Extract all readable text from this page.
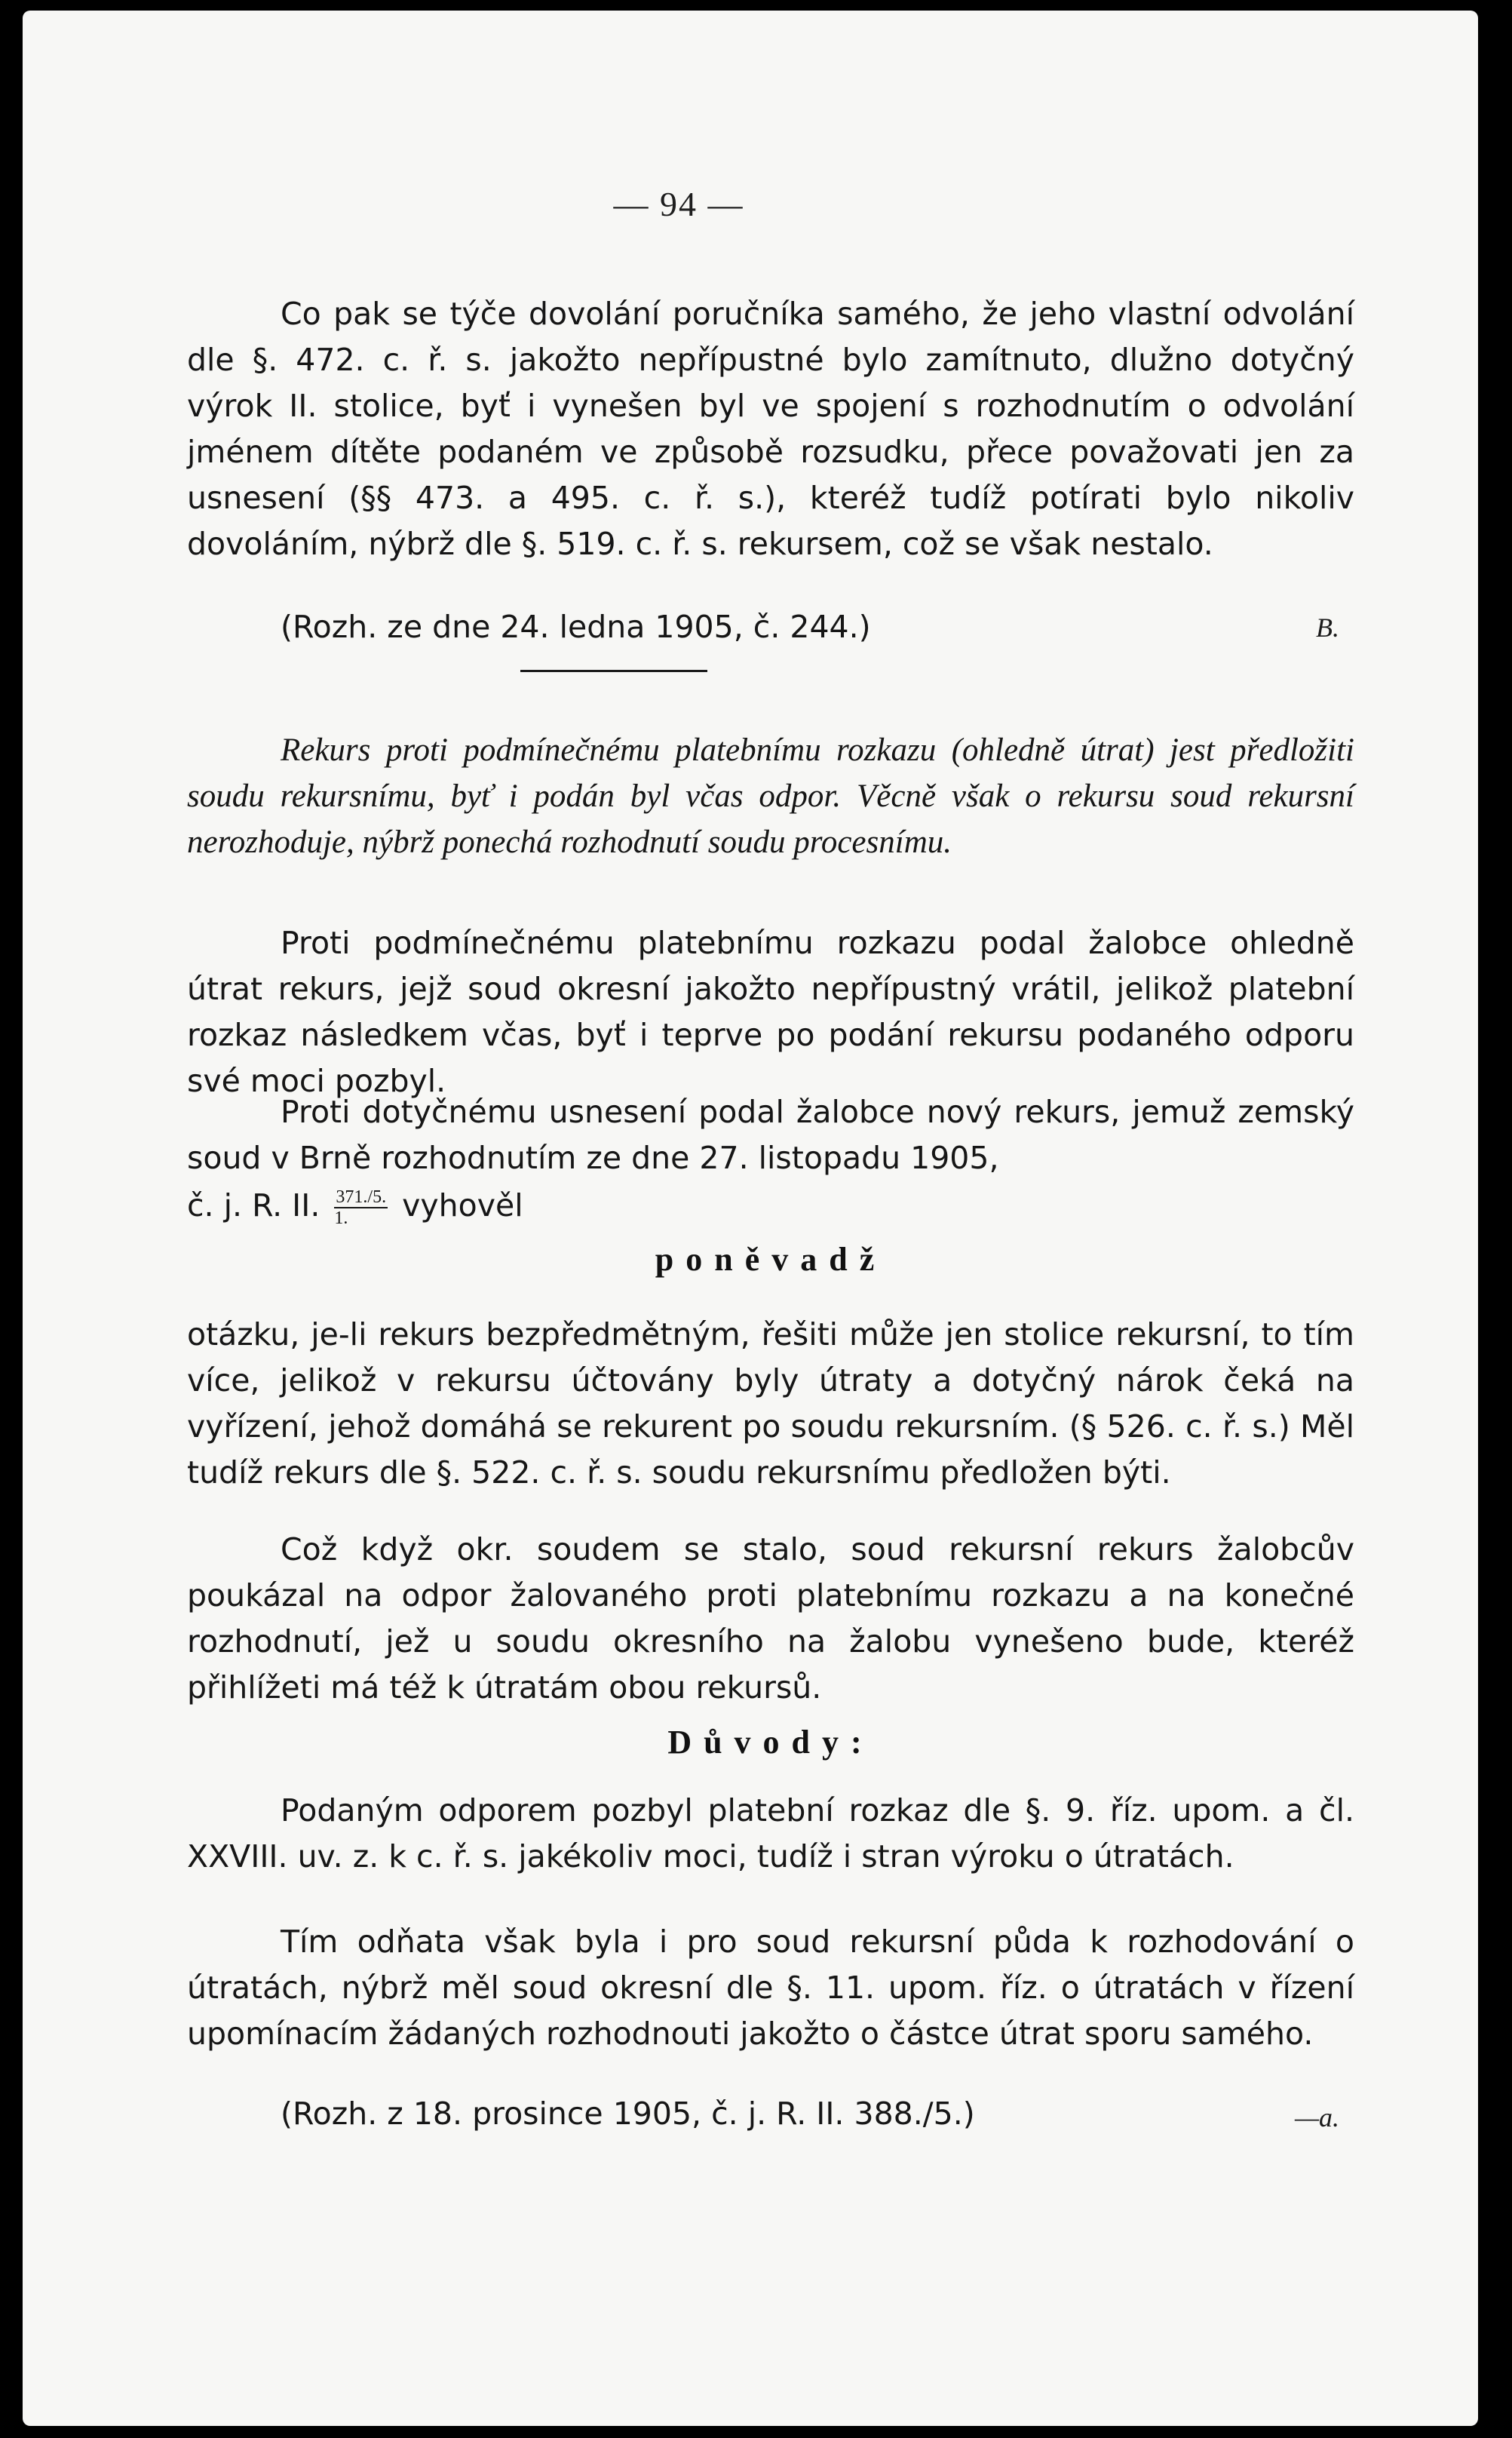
— 94 —

Co pak se týče dovolání poručníka samého, že jeho vlastní odvolání dle §. 472. c. ř. s. jakožto nepřípustné bylo zamítnuto, dlužno dotyčný výrok II. stolice, byť i vynešen byl ve spojení s rozhodnutím o odvolání jménem dítěte podaném ve způsobě rozsudku, přece považovati jen za usnesení (§§ 473. a 495. c. ř. s.), kteréž tudíž potírati bylo nikoliv dovoláním, nýbrž dle §. 519. c. ř. s. rekursem, což se však nestalo.

(Rozh. ze dne 24. ledna 1905, č. 244.)	B.

Rekurs proti podmínečnému platebnímu rozkazu (ohledně útrat) jest předložiti soudu rekursnímu, byť i podán byl včas odpor. Věcně však o rekursu soud rekursní nerozhoduje, nýbrž ponechá rozhodnutí soudu procesnímu.

Proti podmínečnému platebnímu rozkazu podal žalobce ohledně útrat rekurs, jejž soud okresní jakožto nepřípustný vrátil, jelikož platební rozkaz následkem včas, byť i teprve po podání rekursu podaného odporu své moci pozbyl.

Proti dotyčnému usnesení podal žalobce nový rekurs, jemuž zemský soud v Brně rozhodnutím ze dne 27. listopadu 1905,

č. j. R. II. $\frac{371./5.}{1.}$ vyhověl

poněvadž

otázku, je-li rekurs bezpředmětným, řešiti může jen stolice rekursní, to tím více, jelikož v rekursu účtovány byly útraty a dotyčný nárok čeká na vyřízení, jehož domáhá se rekurent po soudu rekursním. (§ 526. c. ř. s.) Měl tudíž rekurs dle §. 522. c. ř. s. soudu rekursnímu předložen býti.

Což když okr. soudem se stalo, soud rekursní rekurs žalobcův poukázal na odpor žalovaného proti platebnímu rozkazu a na konečné rozhodnutí, jež u soudu okresního na žalobu vynešeno bude, kteréž přihlížeti má též k útratám obou rekursů.

Důvody:

Podaným odporem pozbyl platební rozkaz dle §. 9. říz. upom. a čl. XXVIII. uv. z. k c. ř. s. jakékoliv moci, tudíž i stran výroku o útratách.

Tím odňata však byla i pro soud rekursní půda k rozhodování o útratách, nýbrž měl soud okresní dle §. 11. upom. říz. o útratách v řízení upomínacím žádaných rozhodnouti jakožto o částce útrat sporu samého.

(Rozh. z 18. prosince 1905, č. j. R. II. 388./5.)	—a.
